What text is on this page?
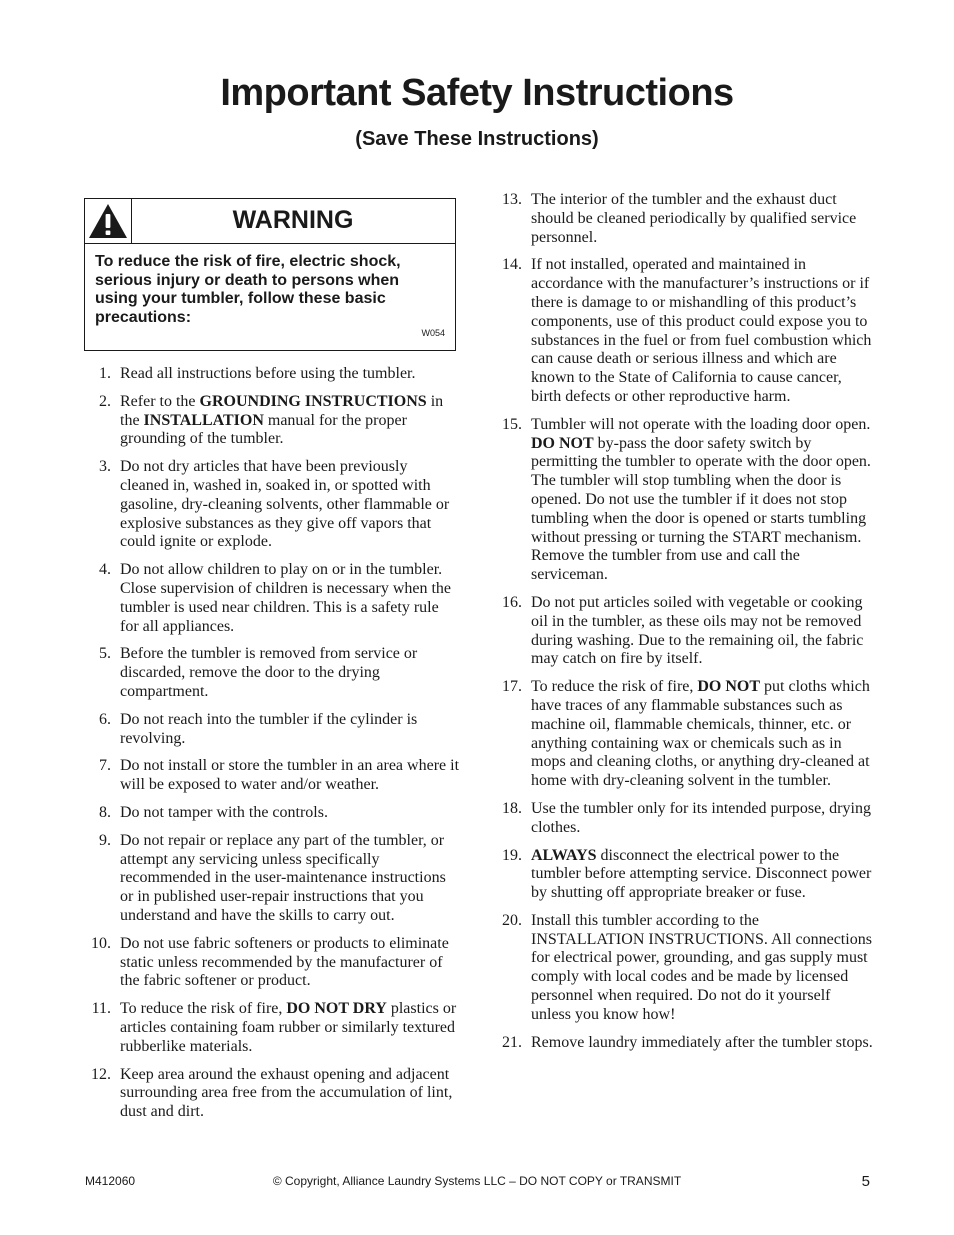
Important Safety Instructions
(Save These Instructions)
WARNING
To reduce the risk of fire, electric shock, serious injury or death to persons when using your tumbler, follow these basic precautions:
W054
1. Read all instructions before using the tumbler.
2. Refer to the GROUNDING INSTRUCTIONS in the INSTALLATION manual for the proper grounding of the tumbler.
3. Do not dry articles that have been previously cleaned in, washed in, soaked in, or spotted with gasoline, dry-cleaning solvents, other flammable or explosive substances as they give off vapors that could ignite or explode.
4. Do not allow children to play on or in the tumbler. Close supervision of children is necessary when the tumbler is used near children. This is a safety rule for all appliances.
5. Before the tumbler is removed from service or discarded, remove the door to the drying compartment.
6. Do not reach into the tumbler if the cylinder is revolving.
7. Do not install or store the tumbler in an area where it will be exposed to water and/or weather.
8. Do not tamper with the controls.
9. Do not repair or replace any part of the tumbler, or attempt any servicing unless specifically recommended in the user-maintenance instructions or in published user-repair instructions that you understand and have the skills to carry out.
10. Do not use fabric softeners or products to eliminate static unless recommended by the manufacturer of the fabric softener or product.
11. To reduce the risk of fire, DO NOT DRY plastics or articles containing foam rubber or similarly textured rubberlike materials.
12. Keep area around the exhaust opening and adjacent surrounding area free from the accumulation of lint, dust and dirt.
13. The interior of the tumbler and the exhaust duct should be cleaned periodically by qualified service personnel.
14. If not installed, operated and maintained in accordance with the manufacturer’s instructions or if there is damage to or mishandling of this product’s components, use of this product could expose you to substances in the fuel or from fuel combustion which can cause death or serious illness and which are known to the State of California to cause cancer, birth defects or other reproductive harm.
15. Tumbler will not operate with the loading door open. DO NOT by-pass the door safety switch by permitting the tumbler to operate with the door open. The tumbler will stop tumbling when the door is opened. Do not use the tumbler if it does not stop tumbling when the door is opened or starts tumbling without pressing or turning the START mechanism. Remove the tumbler from use and call the serviceman.
16. Do not put articles soiled with vegetable or cooking oil in the tumbler, as these oils may not be removed during washing. Due to the remaining oil, the fabric may catch on fire by itself.
17. To reduce the risk of fire, DO NOT put cloths which have traces of any flammable substances such as machine oil, flammable chemicals, thinner, etc. or anything containing wax or chemicals such as in mops and cleaning cloths, or anything dry-cleaned at home with dry-cleaning solvent in the tumbler.
18. Use the tumbler only for its intended purpose, drying clothes.
19. ALWAYS disconnect the electrical power to the tumbler before attempting service. Disconnect power by shutting off appropriate breaker or fuse.
20. Install this tumbler according to the INSTALLATION INSTRUCTIONS. All connections for electrical power, grounding, and gas supply must comply with local codes and be made by licensed personnel when required. Do not do it yourself unless you know how!
21. Remove laundry immediately after the tumbler stops.
M412060	© Copyright, Alliance Laundry Systems LLC – DO NOT COPY or TRANSMIT	5
